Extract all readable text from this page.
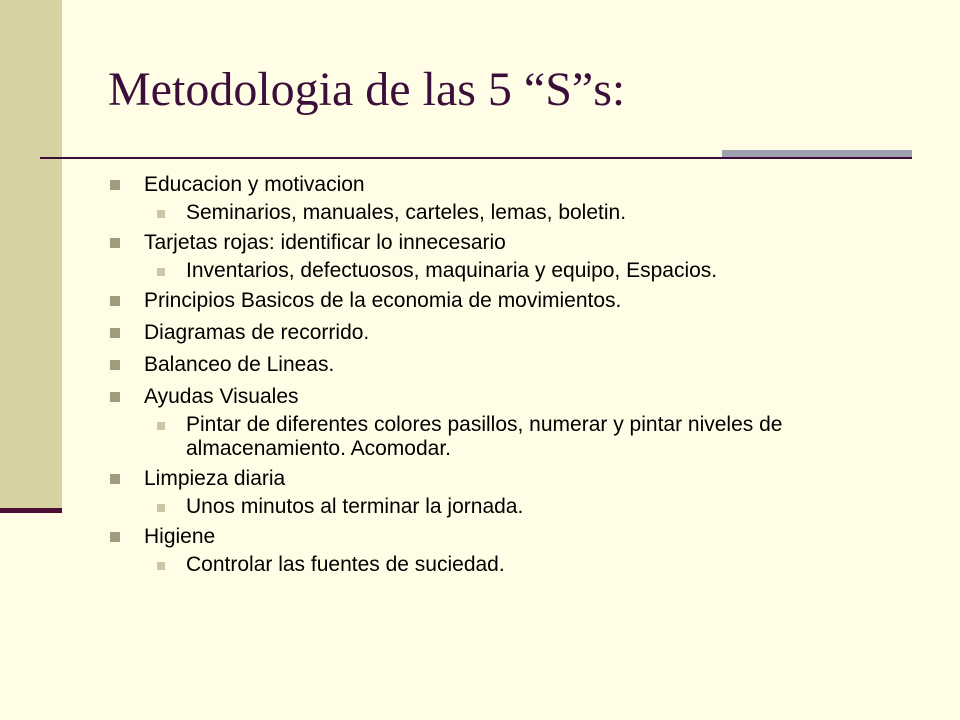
Metodologia de las 5 “S”s:
Educacion y motivacion
Seminarios, manuales, carteles, lemas, boletin.
Tarjetas rojas: identificar lo innecesario
Inventarios, defectuosos, maquinaria y equipo, Espacios.
Principios Basicos de la economia de movimientos.
Diagramas de recorrido.
Balanceo de Lineas.
Ayudas Visuales
Pintar de diferentes colores pasillos, numerar y pintar niveles de almacenamiento. Acomodar.
Limpieza diaria
Unos minutos al terminar la jornada.
Higiene
Controlar las fuentes de suciedad.
